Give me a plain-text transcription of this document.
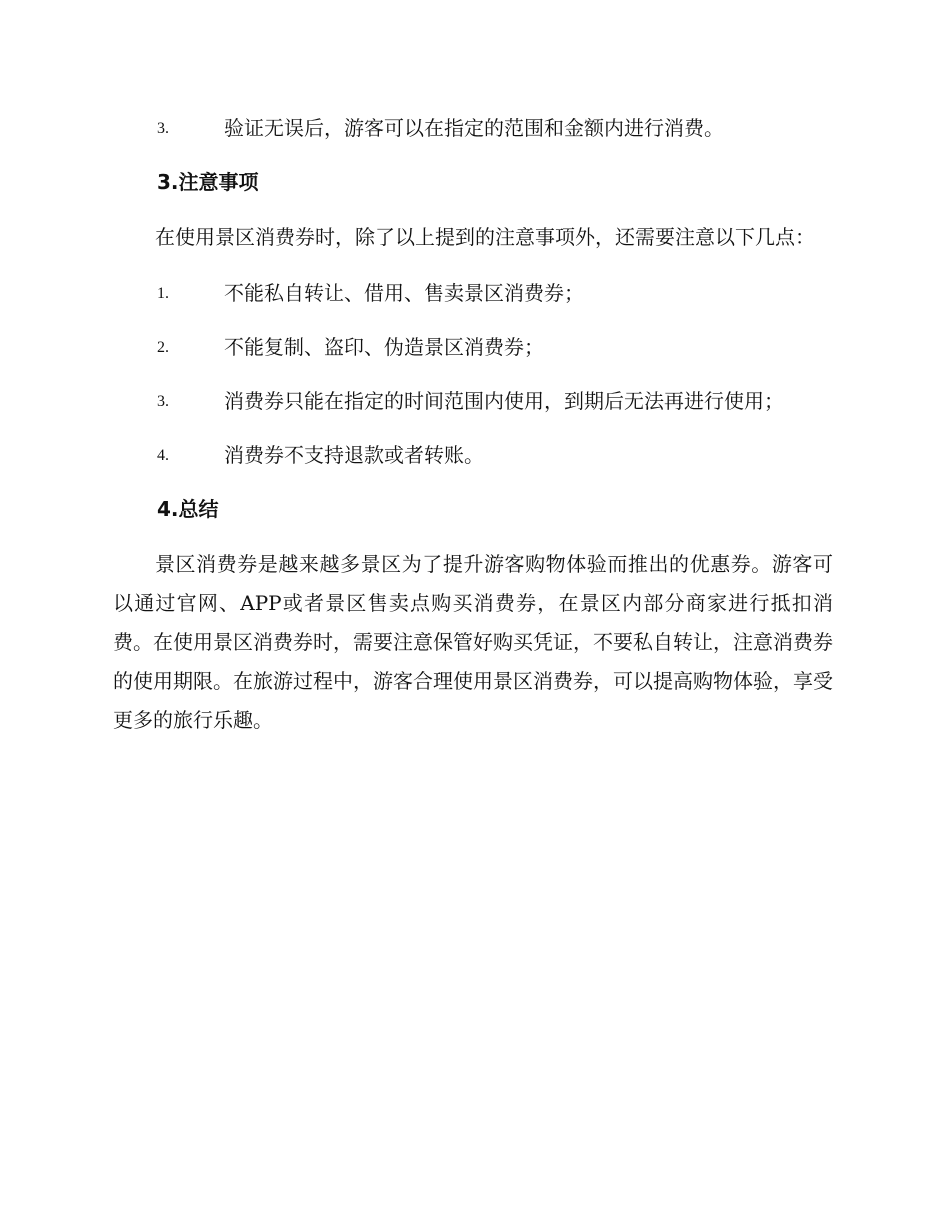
3.	验证无误后，游客可以在指定的范围和金额内进行消费。
3.注意事项

在使用景区消费券时，除了以上提到的注意事项外，还需要注意以下几点：

1.	不能私自转让、借用、售卖景区消费券；
2.	不能复制、盗印、伪造景区消费券；
3.	消费券只能在指定的时间范围内使用，到期后无法再进行使用；
4.	消费券不支持退款或者转账。
4.总结

景区消费券是越来越多景区为了提升游客购物体验而推出的优惠券。游客可以通过官网、APP或者景区售卖点购买消费券，在景区内部分商家进行抵扣消费。在使用景区消费券时，需要注意保管好购买凭证，不要私自转让，注意消费券的使用期限。在旅游过程中，游客合理使用景区消费券，可以提高购物体验，享受更多的旅行乐趣。
